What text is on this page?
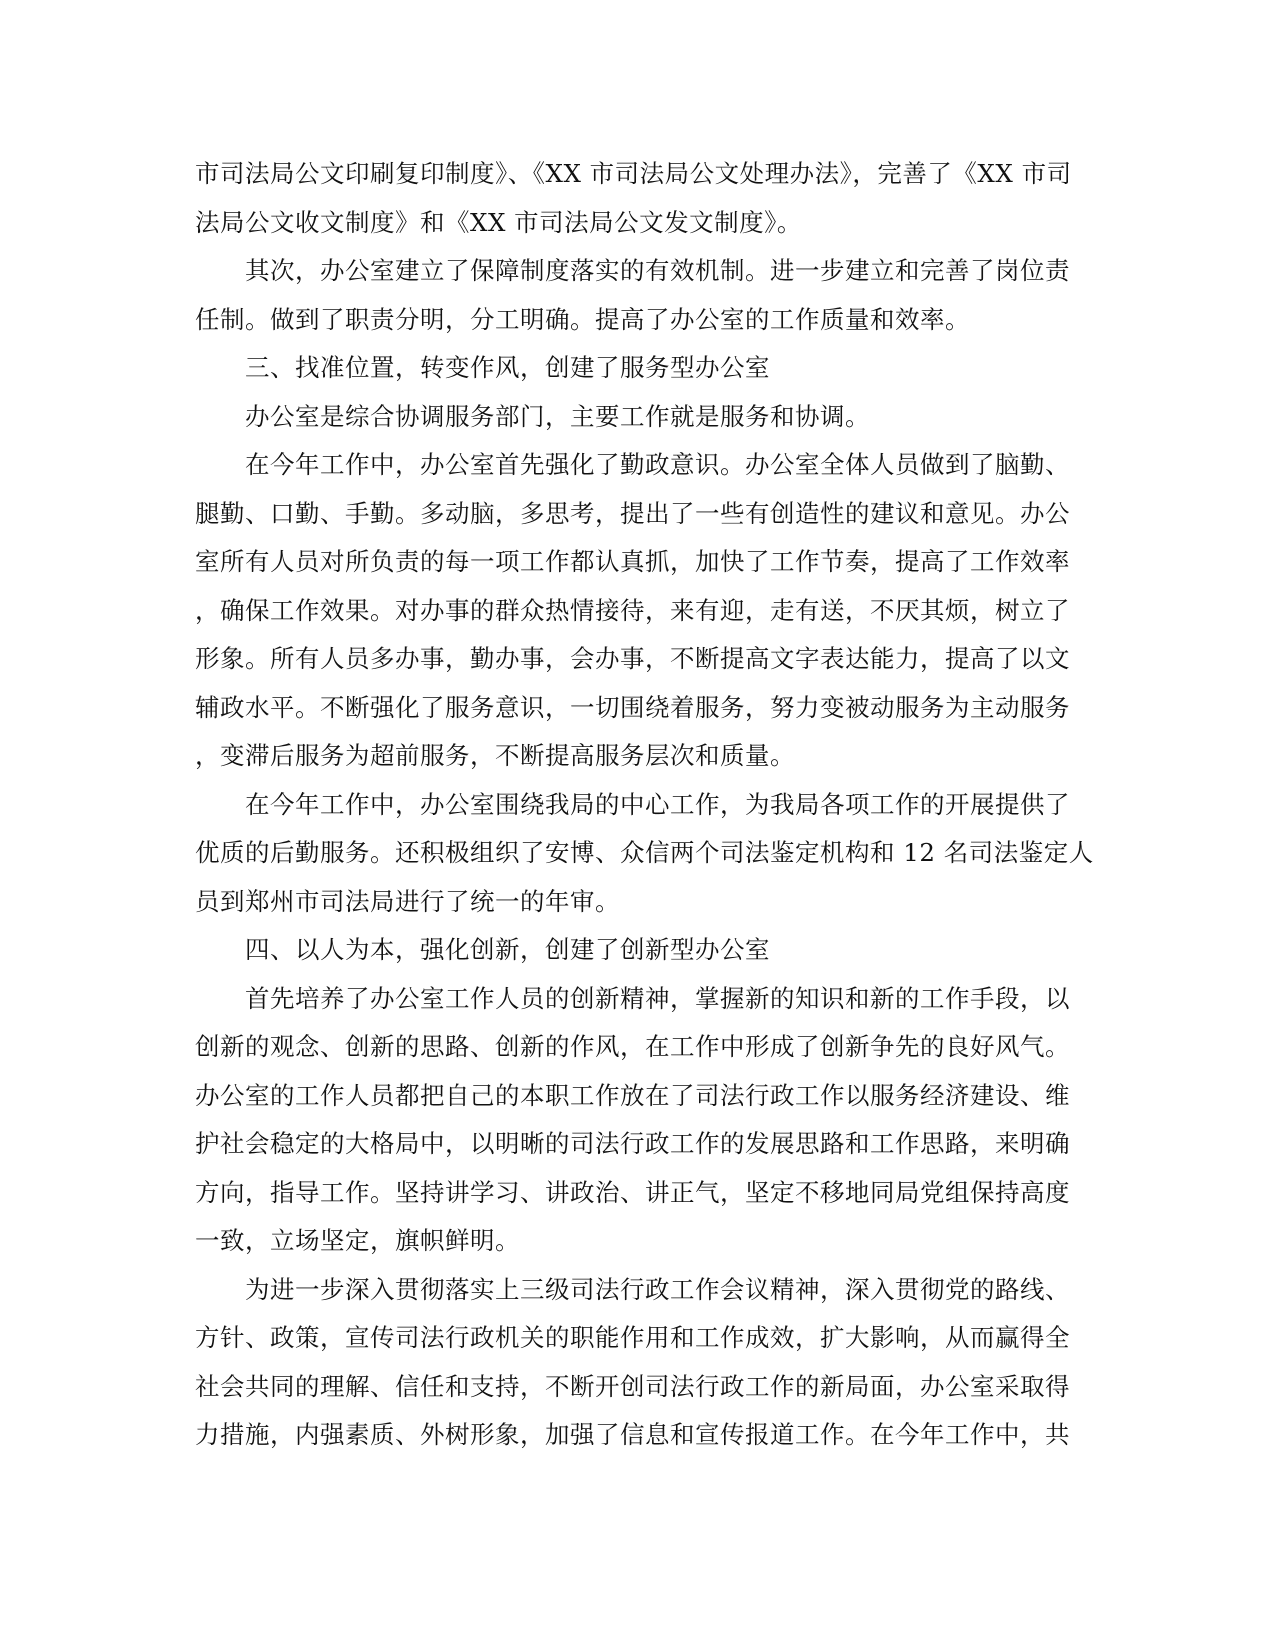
市司法局公文印刷复印制度》、《XX 市司法局公文处理办法》，完善了《XX 市司
法局公文收文制度》和《XX 市司法局公文发文制度》。
其次，办公室建立了保障制度落实的有效机制。进一步建立和完善了岗位责
任制。做到了职责分明，分工明确。提高了办公室的工作质量和效率。
三、找准位置，转变作风，创建了服务型办公室
办公室是综合协调服务部门，主要工作就是服务和协调。
在今年工作中，办公室首先强化了勤政意识。办公室全体人员做到了脑勤、
腿勤、口勤、手勤。多动脑，多思考，提出了一些有创造性的建议和意见。办公
室所有人员对所负责的每一项工作都认真抓，加快了工作节奏，提高了工作效率
，确保工作效果。对办事的群众热情接待，来有迎，走有送，不厌其烦，树立了
形象。所有人员多办事，勤办事，会办事，不断提高文字表达能力，提高了以文
辅政水平。不断强化了服务意识，一切围绕着服务，努力变被动服务为主动服务
，变滞后服务为超前服务，不断提高服务层次和质量。
在今年工作中，办公室围绕我局的中心工作，为我局各项工作的开展提供了
优质的后勤服务。还积极组织了安博、众信两个司法鉴定机构和 12 名司法鉴定人
员到郑州市司法局进行了统一的年审。
四、以人为本，强化创新，创建了创新型办公室
首先培养了办公室工作人员的创新精神，掌握新的知识和新的工作手段，以
创新的观念、创新的思路、创新的作风，在工作中形成了创新争先的良好风气。
办公室的工作人员都把自己的本职工作放在了司法行政工作以服务经济建设、维
护社会稳定的大格局中，以明晰的司法行政工作的发展思路和工作思路，来明确
方向，指导工作。坚持讲学习、讲政治、讲正气，坚定不移地同局党组保持高度
一致，立场坚定，旗帜鲜明。
为进一步深入贯彻落实上三级司法行政工作会议精神，深入贯彻党的路线、
方针、政策，宣传司法行政机关的职能作用和工作成效，扩大影响，从而赢得全
社会共同的理解、信任和支持，不断开创司法行政工作的新局面，办公室采取得
力措施，内强素质、外树形象，加强了信息和宣传报道工作。在今年工作中，共
